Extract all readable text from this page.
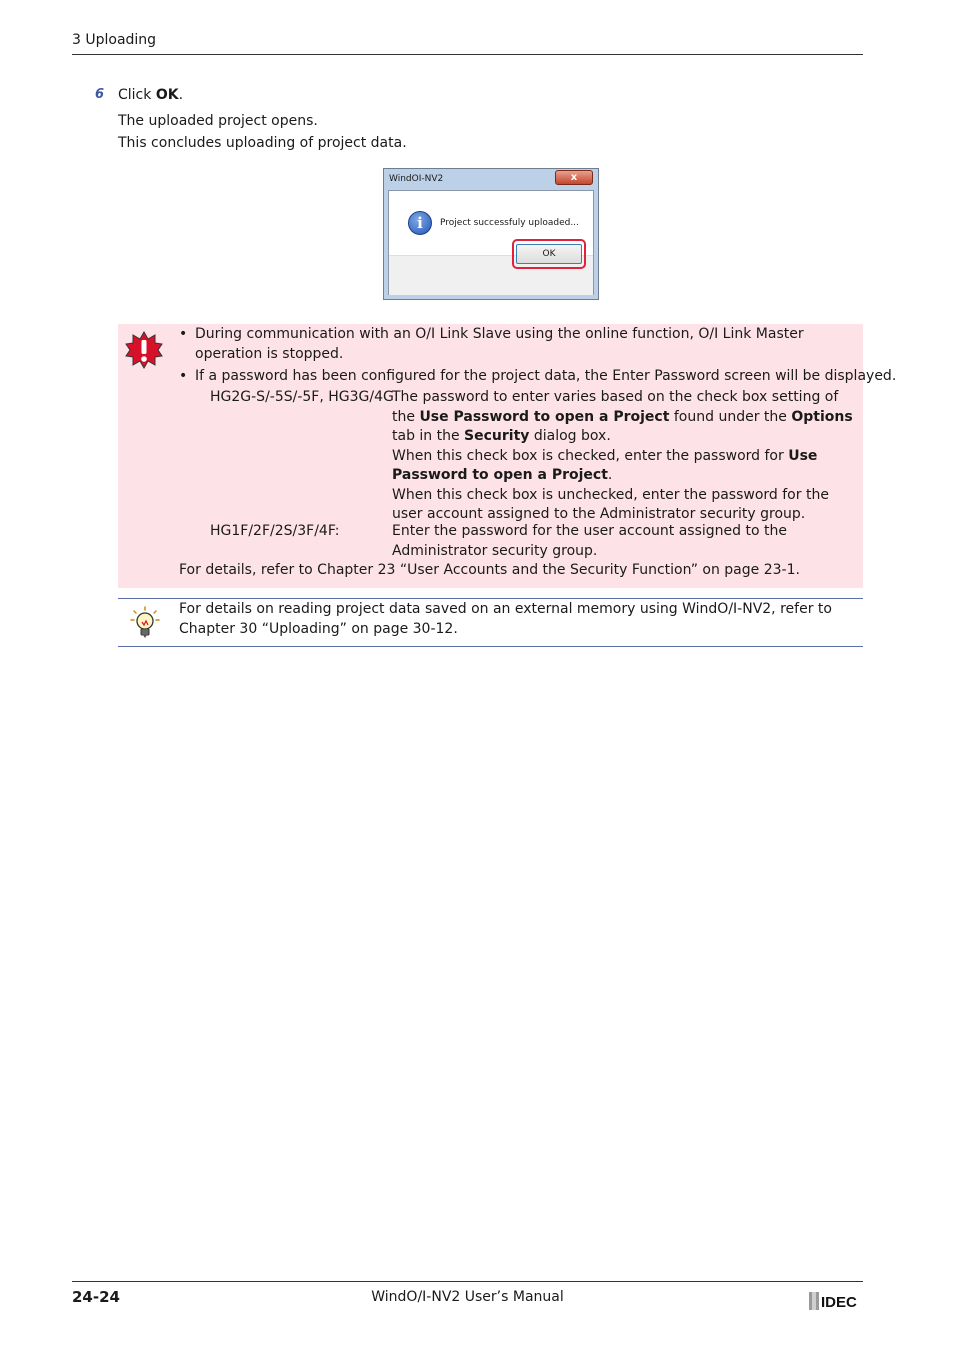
3 Uploading
6 Click OK.
The uploaded project opens.
This concludes uploading of project data.
WindOI-NV2	x
i	Project successfuly uploaded...
OK
• During communication with an O/I Link Slave using the online function, O/I Link Master operation is stopped.
• If a password has been configured for the project data, the Enter Password screen will be displayed.
HG2G-S/-5S/-5F, HG3G/4G:
The password to enter varies based on the check box setting of the Use Password to open a Project found under the Options tab in the Security dialog box.
When this check box is checked, enter the password for Use Password to open a Project.
When this check box is unchecked, enter the password for the user account assigned to the Administrator security group.
HG1F/2F/2S/3F/4F:	Enter the password for the user account assigned to the Administrator security group.
For details, refer to Chapter 23 “User Accounts and the Security Function” on page 23-1.
For details on reading project data saved on an external memory using WindO/I-NV2, refer to Chapter 30 “Uploading” on page 30-12.
24-24	WindO/I-NV2 User’s Manual	IDEC
